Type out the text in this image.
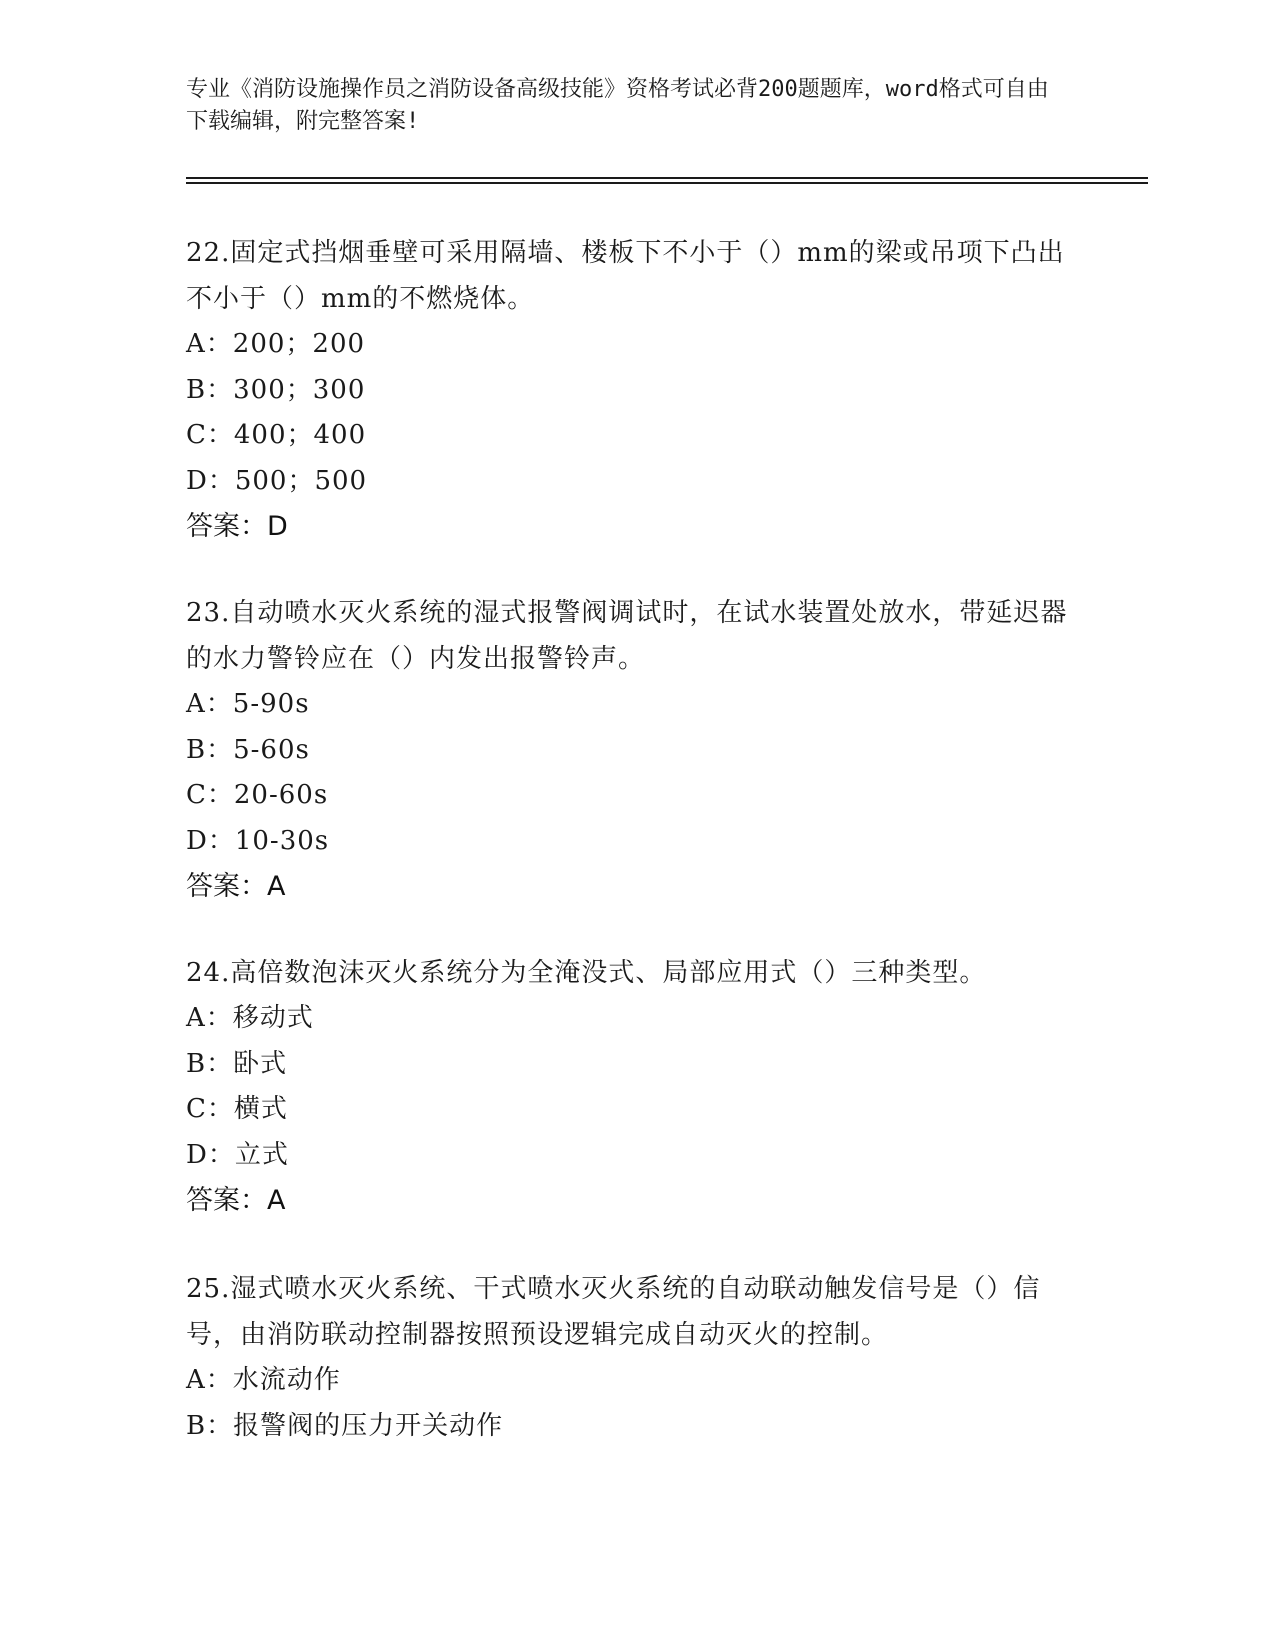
专业《消防设施操作员之消防设备高级技能》资格考试必背200题题库，word格式可自由下载编辑，附完整答案!
22.固定式挡烟垂壁可采用隔墙、楼板下不小于（）mm的梁或吊项下凸出不小于（）mm的不燃烧体。
A：200；200
B：300；300
C：400；400
D：500；500
答案：D
23.自动喷水灭火系统的湿式报警阀调试时，在试水装置处放水，带延迟器的水力警铃应在（）内发出报警铃声。
A：5-90s
B：5-60s
C：20-60s
D：10-30s
答案：A
24.高倍数泡沫灭火系统分为全淹没式、局部应用式（）三种类型。
A：移动式
B：卧式
C：横式
D：立式
答案：A
25.湿式喷水灭火系统、干式喷水灭火系统的自动联动触发信号是（）信号，由消防联动控制器按照预设逻辑完成自动灭火的控制。
A：水流动作
B：报警阀的压力开关动作
